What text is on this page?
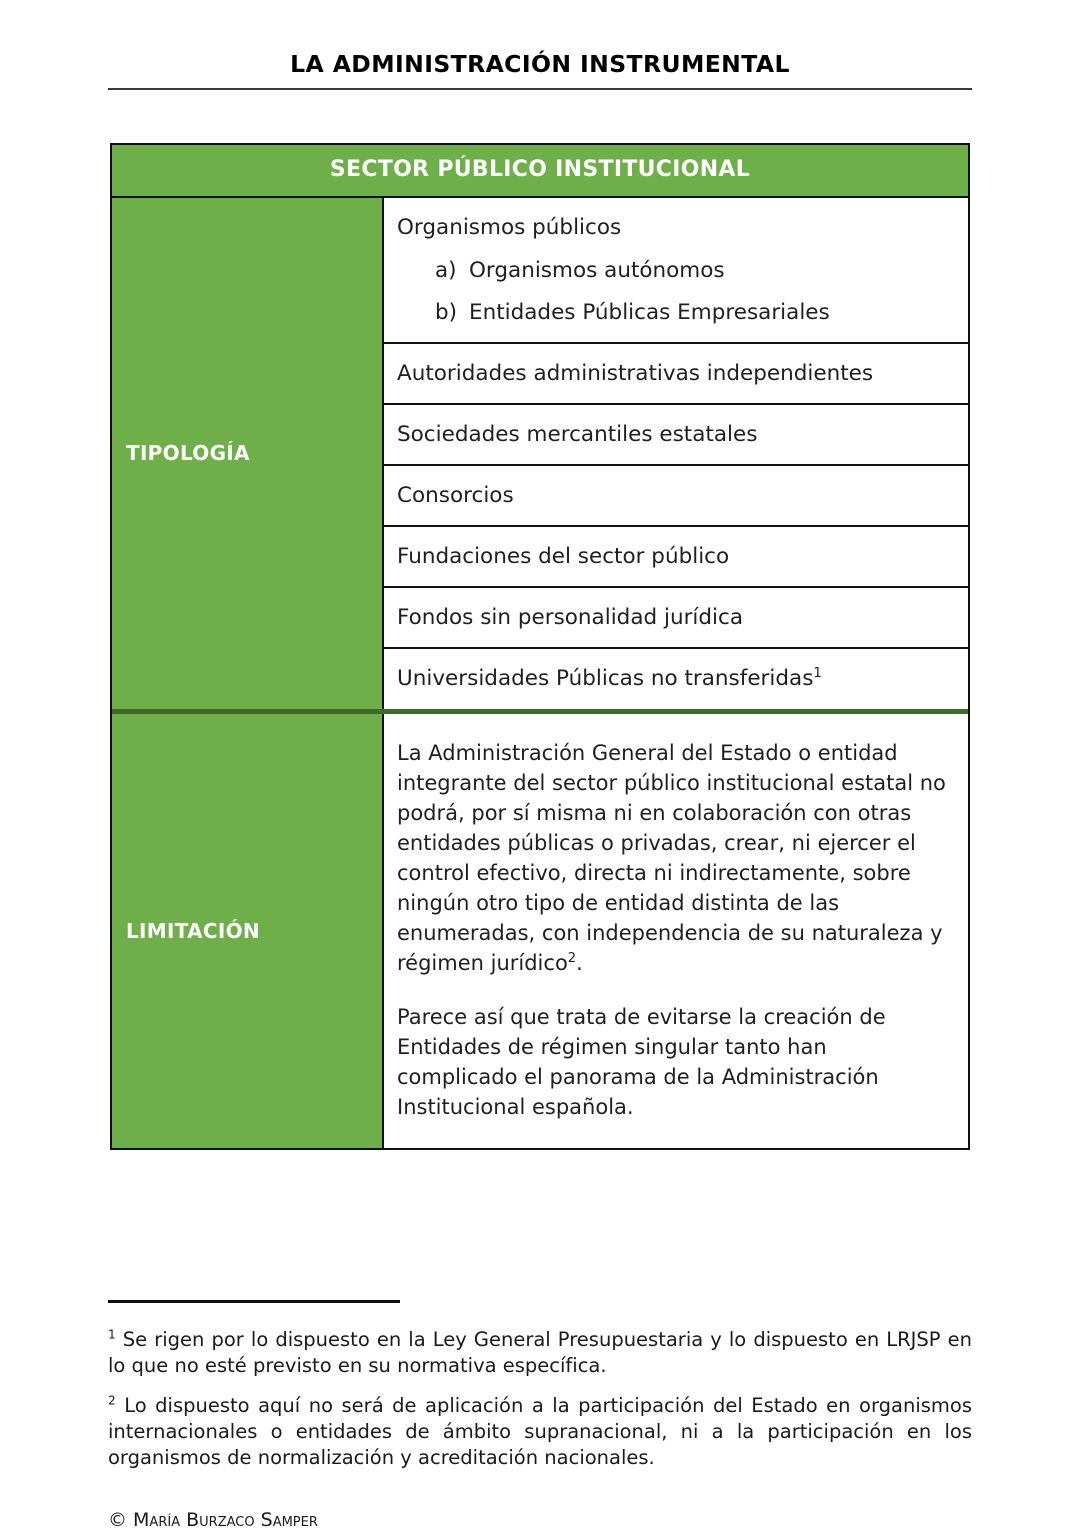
LA ADMINISTRACIÓN INSTRUMENTAL
SECTOR PÚBLICO INSTITUCIONAL
TIPOLOGÍA
Organismos públicos
a) Organismos autónomos
b) Entidades Públicas Empresariales
Autoridades administrativas independientes
Sociedades mercantiles estatales
Consorcios
Fundaciones del sector público
Fondos sin personalidad jurídica
Universidades Públicas no transferidas$^1$
LIMITACIÓN

La Administración General del Estado o entidad integrante del sector público institucional estatal no podrá, por sí misma ni en colaboración con otras entidades públicas o privadas, crear, ni ejercer el control efectivo, directa ni indirectamente, sobre ningún otro tipo de entidad distinta de las enumeradas, con independencia de su naturaleza y régimen jurídico$^2$.

Parece así que trata de evitarse la creación de Entidades de régimen singular tanto han complicado el panorama de la Administración Institucional española.

$^1$ Se rigen por lo dispuesto en la Ley General Presupuestaria y lo dispuesto en LRJSP en lo que no esté previsto en su normativa específica.

$^2$ Lo dispuesto aquí no será de aplicación a la participación del Estado en organismos internacionales o entidades de ámbito supranacional, ni a la participación en los organismos de normalización y acreditación nacionales.

© María Burzaco Samper
